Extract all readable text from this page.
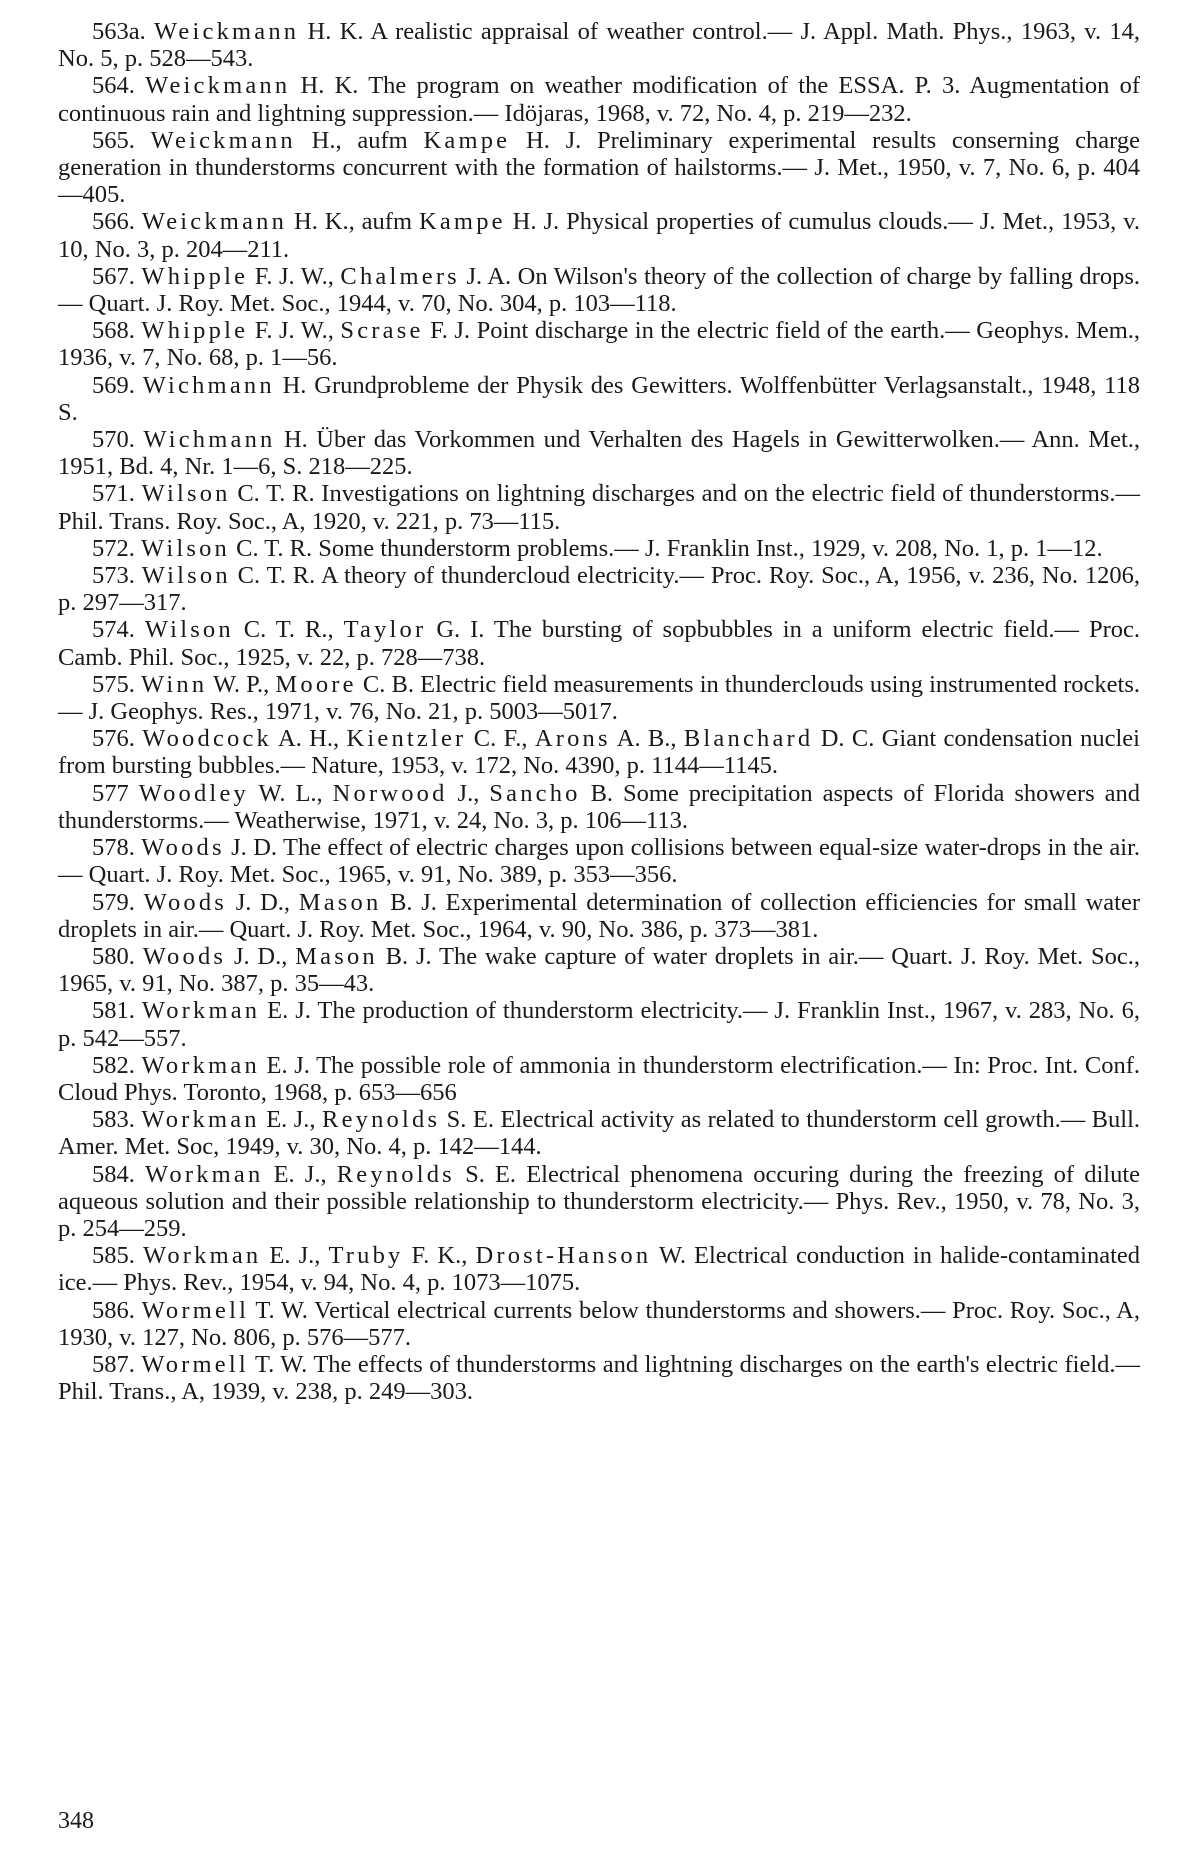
563a. Weickmann H. K. A realistic appraisal of weather control.— J. Appl. Math. Phys., 1963, v. 14, No. 5, p. 528—543.

564. Weickmann H. K. The program on weather modification of the ESSA. P. 3. Augmentation of continuous rain and lightning suppression.— Idöjaras, 1968, v. 72, No. 4, p. 219—232.

565. Weickmann H., aufm Kampe H. J. Preliminary experimental results conserning charge generation in thunderstorms concurrent with the formation of hailstorms.— J. Met., 1950, v. 7, No. 6, p. 404—405.

566. Weickmann H. K., aufm Kampe H. J. Physical properties of cumulus clouds.— J. Met., 1953, v. 10, No. 3, p. 204—211.

567. Whipple F. J. W., Chalmers J. A. On Wilson's theory of the collection of charge by falling drops.— Quart. J. Roy. Met. Soc., 1944, v. 70, No. 304, p. 103—118.

568. Whipple F. J. W., Scrase F. J. Point discharge in the electric field of the earth.— Geophys. Mem., 1936, v. 7, No. 68, p. 1—56.

569. Wichmann H. Grundprobleme der Physik des Gewitters. Wolffenbütter Verlagsanstalt., 1948, 118 S.

570. Wichmann H. Über das Vorkommen und Verhalten des Hagels in Gewitterwolken.— Ann. Met., 1951, Bd. 4, Nr. 1—6, S. 218—225.

571. Wilson C. T. R. Investigations on lightning discharges and on the electric field of thunderstorms.— Phil. Trans. Roy. Soc., A, 1920, v. 221, p. 73—115.

572. Wilson C. T. R. Some thunderstorm problems.— J. Franklin Inst., 1929, v. 208, No. 1, p. 1—12.

573. Wilson C. T. R. A theory of thundercloud electricity.— Proc. Roy. Soc., A, 1956, v. 236, No. 1206, p. 297—317.

574. Wilson C. T. R., Taylor G. I. The bursting of sopbubbles in a uniform electric field.— Proc. Camb. Phil. Soc., 1925, v. 22, p. 728—738.

575. Winn W. P., Moore C. B. Electric field measurements in thunderclouds using instrumented rockets.— J. Geophys. Res., 1971, v. 76, No. 21, p. 5003—5017.

576. Woodcock A. H., Kientzler C. F., Arons A. B., Blanchard D. C. Giant condensation nuclei from bursting bubbles.— Nature, 1953, v. 172, No. 4390, p. 1144—1145.

577 Woodley W. L., Norwood J., Sancho B. Some precipitation aspects of Florida showers and thunderstorms.— Weatherwise, 1971, v. 24, No. 3, p. 106—113.

578. Woods J. D. The effect of electric charges upon collisions between equal-size water-drops in the air.— Quart. J. Roy. Met. Soc., 1965, v. 91, No. 389, p. 353—356.

579. Woods J. D., Mason B. J. Experimental determination of collection efficiencies for small water droplets in air.— Quart. J. Roy. Met. Soc., 1964, v. 90, No. 386, p. 373—381.

580. Woods J. D., Mason B. J. The wake capture of water droplets in air.— Quart. J. Roy. Met. Soc., 1965, v. 91, No. 387, p. 35—43.

581. Workman E. J. The production of thunderstorm electricity.— J. Franklin Inst., 1967, v. 283, No. 6, p. 542—557.

582. Workman E. J. The possible role of ammonia in thunderstorm electrification.— In: Proc. Int. Conf. Cloud Phys. Toronto, 1968, p. 653—656

583. Workman E. J., Reynolds S. E. Electrical activity as related to thunderstorm cell growth.— Bull. Amer. Met. Soc, 1949, v. 30, No. 4, p. 142—144.

584. Workman E. J., Reynolds S. E. Electrical phenomena occuring during the freezing of dilute aqueous solution and their possible relationship to thunderstorm electricity.— Phys. Rev., 1950, v. 78, No. 3, p. 254—259.

585. Workman E. J., Truby F. K., Drost-Hanson W. Electrical conduction in halide-contaminated ice.— Phys. Rev., 1954, v. 94, No. 4, p. 1073—1075.

586. Wormell T. W. Vertical electrical currents below thunderstorms and showers.— Proc. Roy. Soc., A, 1930, v. 127, No. 806, p. 576—577.

587. Wormell T. W. The effects of thunderstorms and lightning discharges on the earth's electric field.— Phil. Trans., A, 1939, v. 238, p. 249—303.

348
